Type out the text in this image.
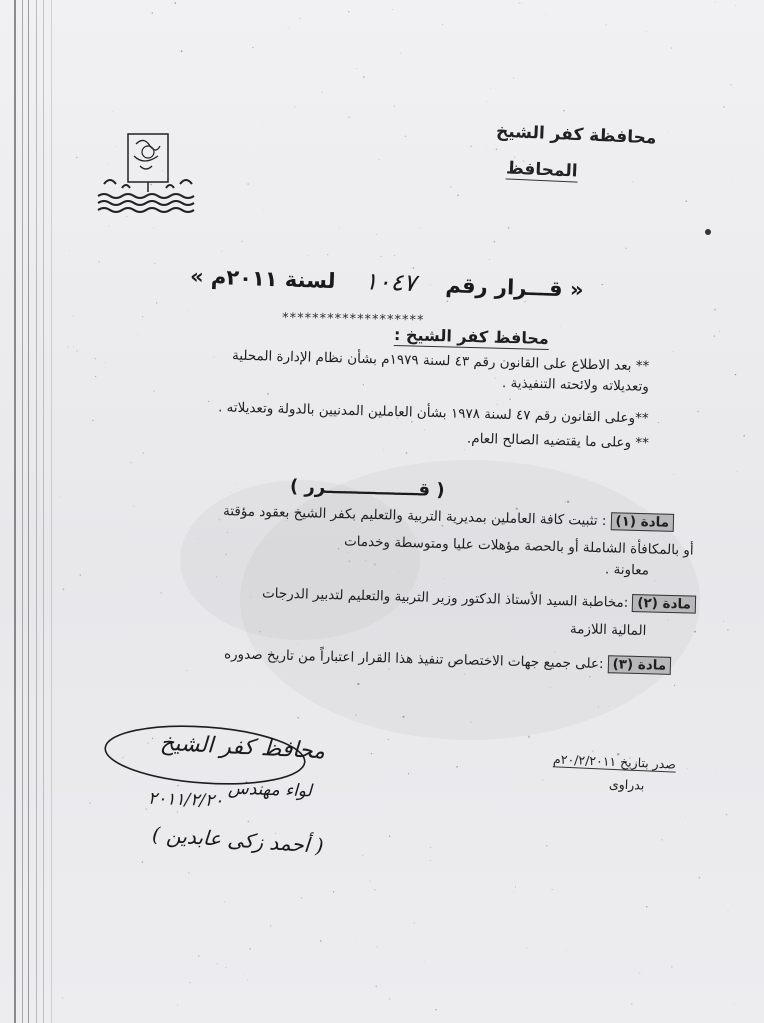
محافظة كفر الشيخ
المحافظ
« قـــرار رقم    ١٠٤٧    لسنة ٢٠١١م »
*******************
محافظ كفر الشيخ :
** بعد الاطلاع على القانون رقم ٤٣ لسنة ١٩٧٩م بشأن نظام الإدارة المحلية
وتعديلاته ولائحته التنفيذية .
**وعلى القانون رقم ٤٧ لسنة ١٩٧٨ بشأن العاملين المدنيين بالدولة وتعديلاته .
** وعلى ما يقتضيه الصالح العام.
( قـــــــــــــــرر )
مادة (١): تثبيت كافة العاملين بمديرية التربية والتعليم بكفر الشيخ بعقود مؤقتة
أو بالمكافأة الشاملة أو بالحصة مؤهلات عليا ومتوسطة وخدمات
معاونة .
مادة (٢):مخاطبة السيد الأستاذ الدكتور وزير التربية والتعليم لتدبير الدرجات
المالية اللازمة
مادة (٣):على جميع جهات الاختصاص تنفيذ هذا القرار اعتباراً من تاريخ صدوره
صدر بتاريخ ٢٠/٢/٢٠١١م
بدراوى
محافظ كفر الشيخ
لواء مهندس
٢٠١١/٢/٢٠
( أحمد زكى عابدين )
